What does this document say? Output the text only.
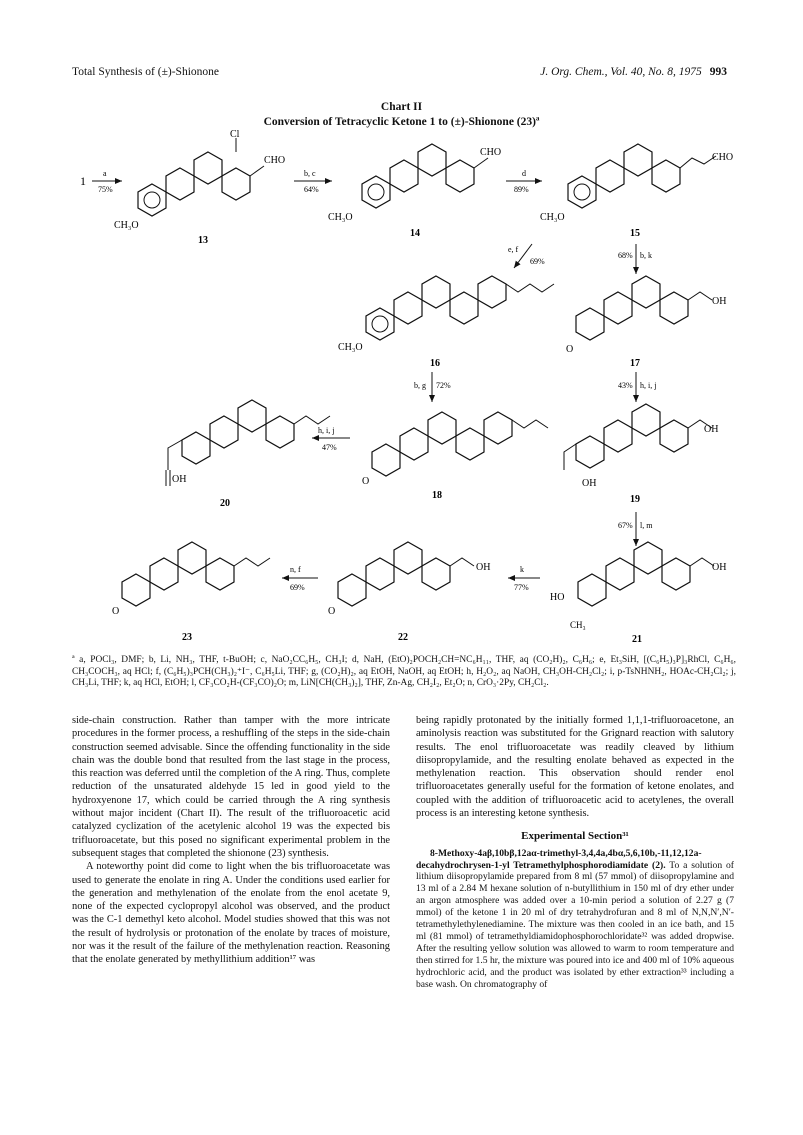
Total Synthesis of (±)-Shionone	J. Org. Chem., Vol. 40, No. 8, 1975 993
Chart II
Conversion of Tetracyclic Ketone 1 to (±)-Shionone (23)ª
1
a
75%
Cl
CHO
CH₃O
13
b, c
64%
CHO
CH₃O
14
d
89%
CHO
CH₃O
15
e, f
69%
b, k
68%
CH₃O
16
OH
O
17
b, g 72%	h, i, j
43%
OH
20
h, i, j
47%
O
18
OH
OH
19
l, m
67%
O
23
n, f
69%
OH
O
22
k
77%
OH
HO
CH₃
21
ª a, POCl₃, DMF; b, Li, NH₃, THF, t-BuOH; c, NaO₂CC₆H₅, CH₃I; d, NaH, (EtO)₂POCH₂CH=NC₆H₁₁, THF, aq (CO₂H)₂, C₆H₆; e, Et₃SiH, [(C₆H₅)₃P]₃RhCl, C₆H₆, CH₃COCH₃, aq HCl; f, (C₆H₅)₃PCH(CH₃)₂⁺I⁻, C₆H₅Li, THF; g, (CO₂H)₂, aq EtOH, NaOH, aq EtOH; h, H₂O₂, aq NaOH, CH₃OH-CH₂Cl₂; i, p-TsNHNH₂, HOAc-CH₂Cl₂; j, CH₃Li, THF; k, aq HCl, EtOH; l, CF₃CO₂H-(CF₃CO)₂O; m, LiN[CH(CH₃)₂], THF, Zn-Ag, CH₂I₂, Et₂O; n, CrO₃·2Py, CH₂Cl₂.

side-chain construction. Rather than tamper with the more intricate procedures in the former process, a reshuffling of the steps in the side-chain construction seemed advisable. Since the offending functionality in the side chain was the double bond that resulted from the last stage in the process, this reaction was deferred until the completion of the A ring. Thus, complete reduction of the unsaturated aldehyde 15 led in good yield to the hydroxyenone 17, which could be carried through the A ring synthesis without major incident (Chart II). The result of the trifluoroacetic acid catalyzed cyclization of the acetylenic alcohol 19 was the expected bis trifluoroacetate, but this posed no significant experimental problem in the subsequent stages that completed the shionone (23) synthesis.

A noteworthy point did come to light when the bis trifluoroacetate was used to generate the enolate in ring A. Under the conditions used earlier for the generation and methylenation of the enolate from the enol acetate 9, none of the expected cyclopropyl alcohol was observed, and the product was the C-1 demethyl keto alcohol. Model studies showed that this was not the result of hydrolysis or protonation of the enolate by traces of moisture, nor was it the result of the failure of the methylenation reaction. Reasoning that the enolate generated by methyllithium addition¹⁷ was

being rapidly protonated by the initially formed 1,1,1-trifluoroacetone, an aminolysis reaction was substituted for the Grignard reaction with salutory results. The enol trifluoroacetate was readily cleaved by lithium diisopropylamide, and the resulting enolate behaved as expected in the methylenation reaction. This observation should render enol trifluoroacetates generally useful for the formation of ketone enolates, and coupled with the addition of trifluoroacetic acid to acetylenes, the overall process is an interesting ketone synthesis.

Experimental Section³¹

8-Methoxy-4aβ,10bβ,12aα-trimethyl-3,4,4a,4bα,5,6,10b,-11,12,12a-decahydrochrysen-1-yl Tetramethylphosphorodiamidate (2). To a solution of lithium diisopropylamide prepared from 8 ml (57 mmol) of diisopropylamine and 13 ml of a 2.84 M hexane solution of n-butyllithium in 150 ml of dry ether under an argon atmosphere was added over a 10-min period a solution of 2.27 g (7 mmol) of the ketone 1 in 20 ml of dry tetrahydrofuran and 8 ml of N,N,N′,N′-tetramethylethylenediamine. The mixture was then cooled in an ice bath, and 15 ml (81 mmol) of tetramethyldiamidophosphorochloridate³² was added dropwise. After the resulting yellow solution was allowed to warm to room temperature and then stirred for 1.5 hr, the mixture was poured into ice and 400 ml of 10% aqueous hydrochloric acid, and the product was isolated by ether extraction³³ including a base wash. On chromatography of
